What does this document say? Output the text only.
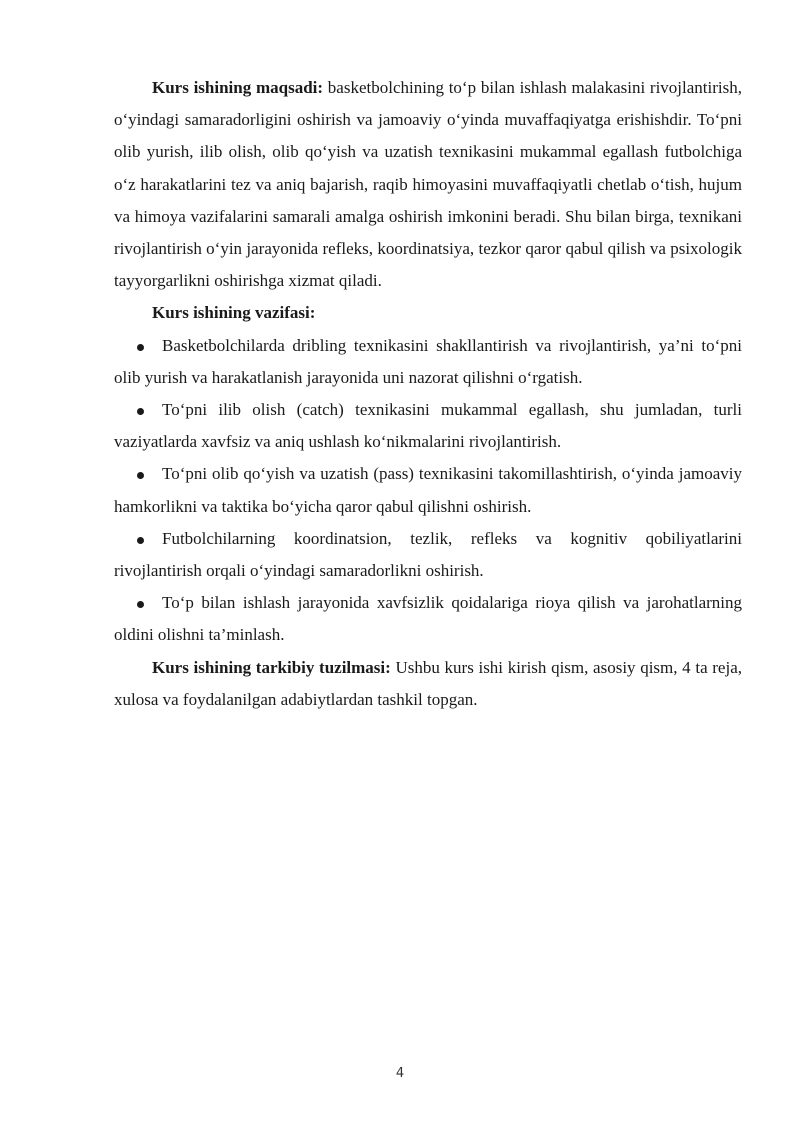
Kurs ishining maqsadi: basketbolchining to‘p bilan ishlash malakasini rivojlantirish, o‘yindagi samaradorligini oshirish va jamoaviy o‘yinda muvaffaqiyatga erishishdir. To‘pni olib yurish, ilib olish, olib qo‘yish va uzatish texnikasini mukammal egallash futbolchiga o‘z harakatlarini tez va aniq bajarish, raqib himoyasini muvaffaqiyatli chetlab o‘tish, hujum va himoya vazifalarini samarali amalga oshirish imkonini beradi. Shu bilan birga, texnikani rivojlantirish o‘yin jarayonida refleks, koordinatsiya, tezkor qaror qabul qilish va psixologik tayyorgarlikni oshirishga xizmat qiladi.

Kurs ishining vazifasi:

Basketbolchilarda dribling texnikasini shakllantirish va rivojlantirish, ya’ni to‘pni olib yurish va harakatlanish jarayonida uni nazorat qilishni o‘rgatish.

To‘pni ilib olish (catch) texnikasini mukammal egallash, shu jumladan, turli vaziyatlarda xavfsiz va aniq ushlash ko‘nikmalarini rivojlantirish.

To‘pni olib qo‘yish va uzatish (pass) texnikasini takomillashtirish, o‘yinda jamoaviy hamkorlikni va taktika bo‘yicha qaror qabul qilishni oshirish.

Futbolchilarning koordinatsion, tezlik, refleks va kognitiv qobiliyatlarini rivojlantirish orqali o‘yindagi samaradorlikni oshirish.

To‘p bilan ishlash jarayonida xavfsizlik qoidalariga rioya qilish va jarohatlarning oldini olishni ta’minlash.

Kurs ishining tarkibiy tuzilmasi: Ushbu kurs ishi kirish qism, asosiy qism, 4 ta reja, xulosa va foydalanilgan adabiytlardan tashkil topgan.

4
